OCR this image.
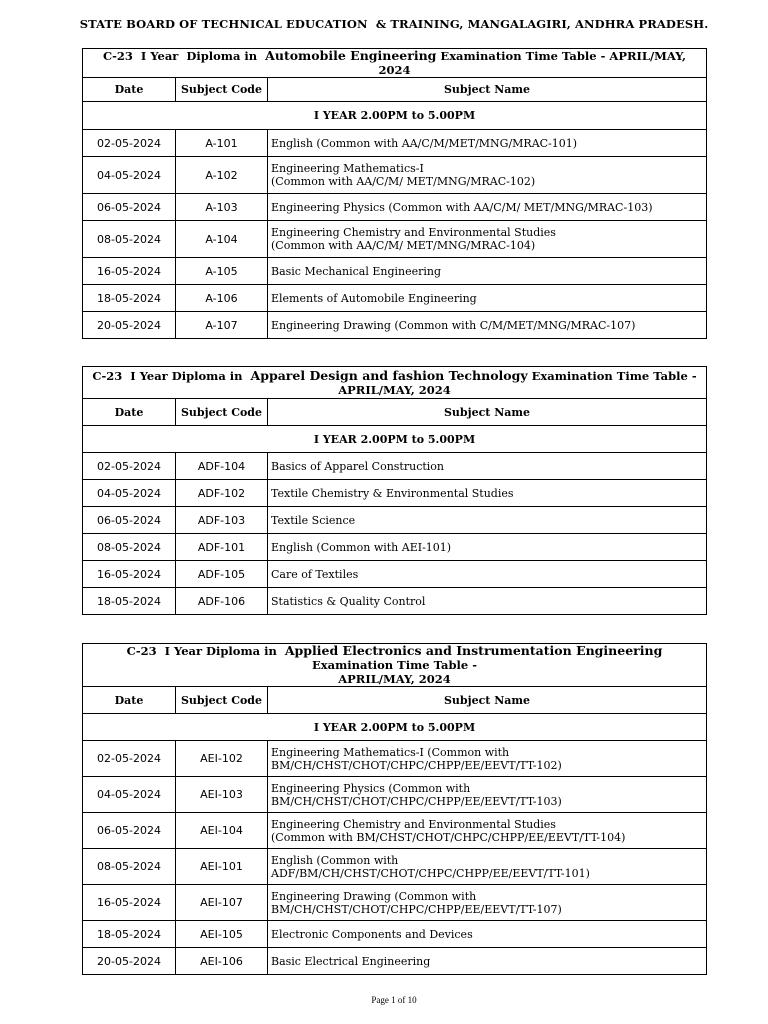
STATE BOARD OF TECHNICAL EDUCATION  & TRAINING, MANGALAGIRI, ANDHRA PRADESH.
C-23  I Year  Diploma in  Automobile Engineering Examination Time Table - APRIL/MAY, 2024		
Date	Subject Code	Subject Name
I YEAR 2.00PM to 5.00PM		
02-05-2024	A-101	English (Common with AA/C/M/MET/MNG/MRAC-101)
04-05-2024	A-102	Engineering Mathematics-I
(Common with AA/C/M/ MET/MNG/MRAC-102)
06-05-2024	A-103	Engineering Physics (Common with AA/C/M/ MET/MNG/MRAC-103)
08-05-2024	A-104	Engineering Chemistry and Environmental Studies
(Common with AA/C/M/ MET/MNG/MRAC-104)
16-05-2024	A-105	Basic Mechanical Engineering
18-05-2024	A-106	Elements of Automobile Engineering
20-05-2024	A-107	Engineering Drawing (Common with C/M/MET/MNG/MRAC-107)
C-23  I Year Diploma in  Apparel Design and fashion Technology Examination Time Table -
APRIL/MAY, 2024		
Date	Subject Code	Subject Name
I YEAR 2.00PM to 5.00PM		
02-05-2024	ADF-104	Basics of Apparel Construction
04-05-2024	ADF-102	Textile Chemistry & Environmental Studies
06-05-2024	ADF-103	Textile Science
08-05-2024	ADF-101	English (Common with AEI-101)
16-05-2024	ADF-105	Care of Textiles
18-05-2024	ADF-106	Statistics & Quality Control
C-23  I Year Diploma in  Applied Electronics and Instrumentation Engineering Examination Time Table -
APRIL/MAY, 2024		
Date	Subject Code	Subject Name
I YEAR 2.00PM to 5.00PM		
02-05-2024	AEI-102	Engineering Mathematics-I (Common with
BM/CH/CHST/CHOT/CHPC/CHPP/EE/EEVT/TT-102)
04-05-2024	AEI-103	Engineering Physics (Common with
BM/CH/CHST/CHOT/CHPC/CHPP/EE/EEVT/TT-103)
06-05-2024	AEI-104	Engineering Chemistry and Environmental Studies
(Common with BM/CHST/CHOT/CHPC/CHPP/EE/EEVT/TT-104)
08-05-2024	AEI-101	English (Common with
ADF/BM/CH/CHST/CHOT/CHPC/CHPP/EE/EEVT/TT-101)
16-05-2024	AEI-107	Engineering Drawing (Common with
BM/CH/CHST/CHOT/CHPC/CHPP/EE/EEVT/TT-107)
18-05-2024	AEI-105	Electronic Components and Devices
20-05-2024	AEI-106	Basic Electrical Engineering
Page 1 of 10
